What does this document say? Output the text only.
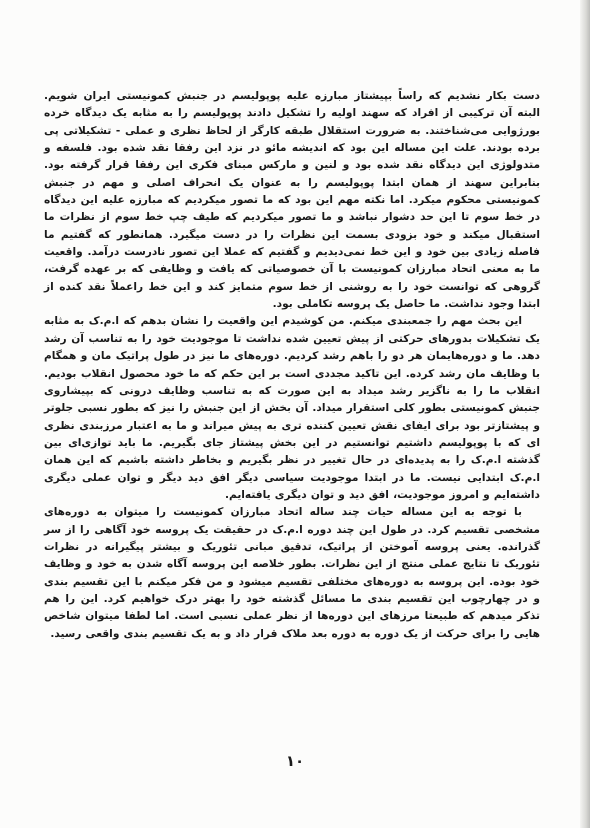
دست بکار نشدیم که راساً بپیشتاز مبارزه علیه پوپولیسم در جنبش کمونیستی ایران شویم. البته آن ترکیبی از افراد که سهند اولیه را تشکیل دادند پوپولیسم را به مثابه یک دیدگاه خرده بورژوایی می‌شناختند. به ضرورت استقلال طبقه کارگر از لحاظ نظری و عملی - تشکیلاتی پی برده بودند. علت این مساله این بود که اندیشه مائو در نزد این رفقا نقد شده بود. فلسفه و متدولوژی این دیدگاه نقد شده بود و لنین و مارکس مبنای فکری این رفقا قرار گرفته بود. بنابراین سهند از همان ابتدا پوپولیسم را به عنوان یک انحراف اصلی و مهم در جنبش کمونیستی محکوم میکرد. اما نکته مهم این بود که ما تصور میکردیم که مبارزه علیه این دیدگاه در خط سوم تا این حد دشوار نباشد و ما تصور میکردیم که طیف چپ خط سوم از نظرات ما استقبال میکند و خود بزودی بسمت این نظرات را در دست میگیرد. همانطور که گفتیم ما فاصله زیادی بین خود و این خط نمی‌دیدیم و گفتیم که عملا این تصور نادرست درآمد. واقعیت ما به معنی اتحاد مبارزان کمونیست با آن خصوصیاتی که یافت و وظایفی که بر عهده گرفت، گروهی که توانست خود را به روشنی از خط سوم متمایز کند و این خط راعملاً نقد کنده از ابتدا وجود نداشت. ما حاصل یک پروسه تکاملی بود.

این بحث مهم را جمعبندی میکنم. من کوشیدم این واقعیت را نشان بدهم که ا.م.ک به مثابه یک تشکیلات بدورهای حرکتی از پیش تعیین شده نداشت تا موجودیت خود را به تناسب آن رشد دهد. ما و دوره‌هایمان هر دو را باهم رشد کردیم. دوره‌های ما نیز در طول پراتیک مان و همگام با وظایف مان رشد کرده. این تاکید مجددی است بر این حکم که ما خود محصول انقلاب بودیم. انقلاب ما را به ناگزیر رشد میداد به این صورت که به تناسب وظایف درونی که بپیشاروی جنبش کمونیستی بطور کلی استقرار میداد. آن بخش از این جنبش را نیز که بطور نسبی جلوتر و پیشتازتر بود برای ایفای نقش تعیین کننده تری به پیش میراند و ما به اعتبار مرزبندی نظری ای که با پوپولیسم داشتیم توانستیم در این بخش پیشتاز جای بگیریم. ما باید توازی‌ای بین گذشته ا.م.ک را به پدیده‌ای در حال تغییر در نظر بگیریم و بخاطر داشته باشیم که این همان ا.م.ک ابتدایی نیست. ما در ابتدا موجودیت سیاسی دیگر افق دید دیگر و توان عملی دیگری داشته‌ایم و امروز موجودیت، افق دید و توان دیگری یافته‌ایم.

با توجه به این مساله حیات چند ساله اتحاد مبارزان کمونیست را میتوان به دوره‌های مشخصی تقسیم کرد. در طول این چند دوره ا.م.ک در حقیقت یک پروسه خود آگاهی را از سر گذرانده. یعنی پروسه آموختن از پراتیک، تدقیق مبانی تئوریک و بیشتر پیگیرانه در نظرات تئوریک تا نتایج عملی منتج از این نظرات. بطور خلاصه این پروسه آگاه شدن به خود و وظایف خود بوده. این پروسه به دوره‌های مختلفی تقسیم میشود و من فکر میکنم با این تقسیم بندی و در چهارچوب این تقسیم بندی ما مسائل گذشته خود را بهتر درک خواهیم کرد. این را هم تذکر میدهم که طبیعتا مرزهای این دوره‌ها از نظر عملی نسبی است. اما لطفا میتوان شاخص هایی را برای حرکت از یک دوره به دوره بعد ملاک قرار داد و به یک تقسیم بندی واقعی رسید.

۱۰
